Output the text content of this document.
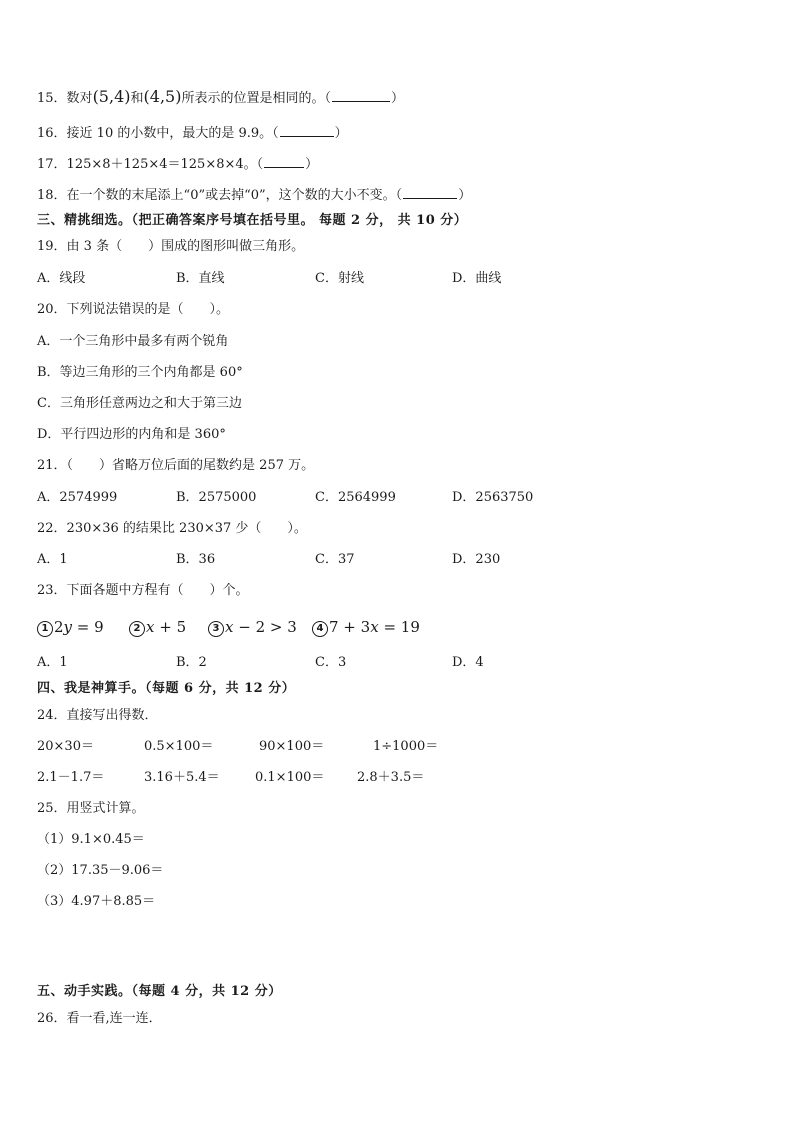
15．数对(5,4)和(4,5)所表示的位置是相同的。（	）
16．接近 10 的小数中，最大的是 9.9。（	）
17．125×8＋125×4＝125×8×4。（	）
18．在一个数的末尾添上“0”或去掉“0”，这个数的大小不变。（	）
三、精挑细选。（把正确答案序号填在括号里。 每题 2 分， 共 10 分）
19．由 3 条（　　）围成的图形叫做三角形。
A．线段	B．直线	C．射线	D．曲线
20．下列说法错误的是（　　）。
A．一个三角形中最多有两个锐角
B．等边三角形的三个内角都是 60°
C．三角形任意两边之和大于第三边
D．平行四边形的内角和是 360°
21．（　　）省略万位后面的尾数约是 257 万。
A．2574999	B．2575000	C．2564999	D．2563750
22．230×36 的结果比 230×37 少（　　）。
A．1	B．36	C．37	D．230
23．下面各题中方程有（　　）个。
1 2y = 9	2 x + 5	3 x − 2 > 3	4 7 + 3x = 19
A．1	B．2	C．3	D．4
四、我是神算手。（每题 6 分，共 12 分）
24．直接写出得数．
20×30＝	0.5×100＝	90×100＝	1÷1000＝
2.1－1.7＝	3.16＋5.4＝	0.1×100＝	2.8＋3.5＝
25．用竖式计算。
（1）9.1×0.45＝
（2）17.35－9.06＝
（3）4.97＋8.85＝
五、动手实践。（每题 4 分，共 12 分）
26．看一看,连一连．
